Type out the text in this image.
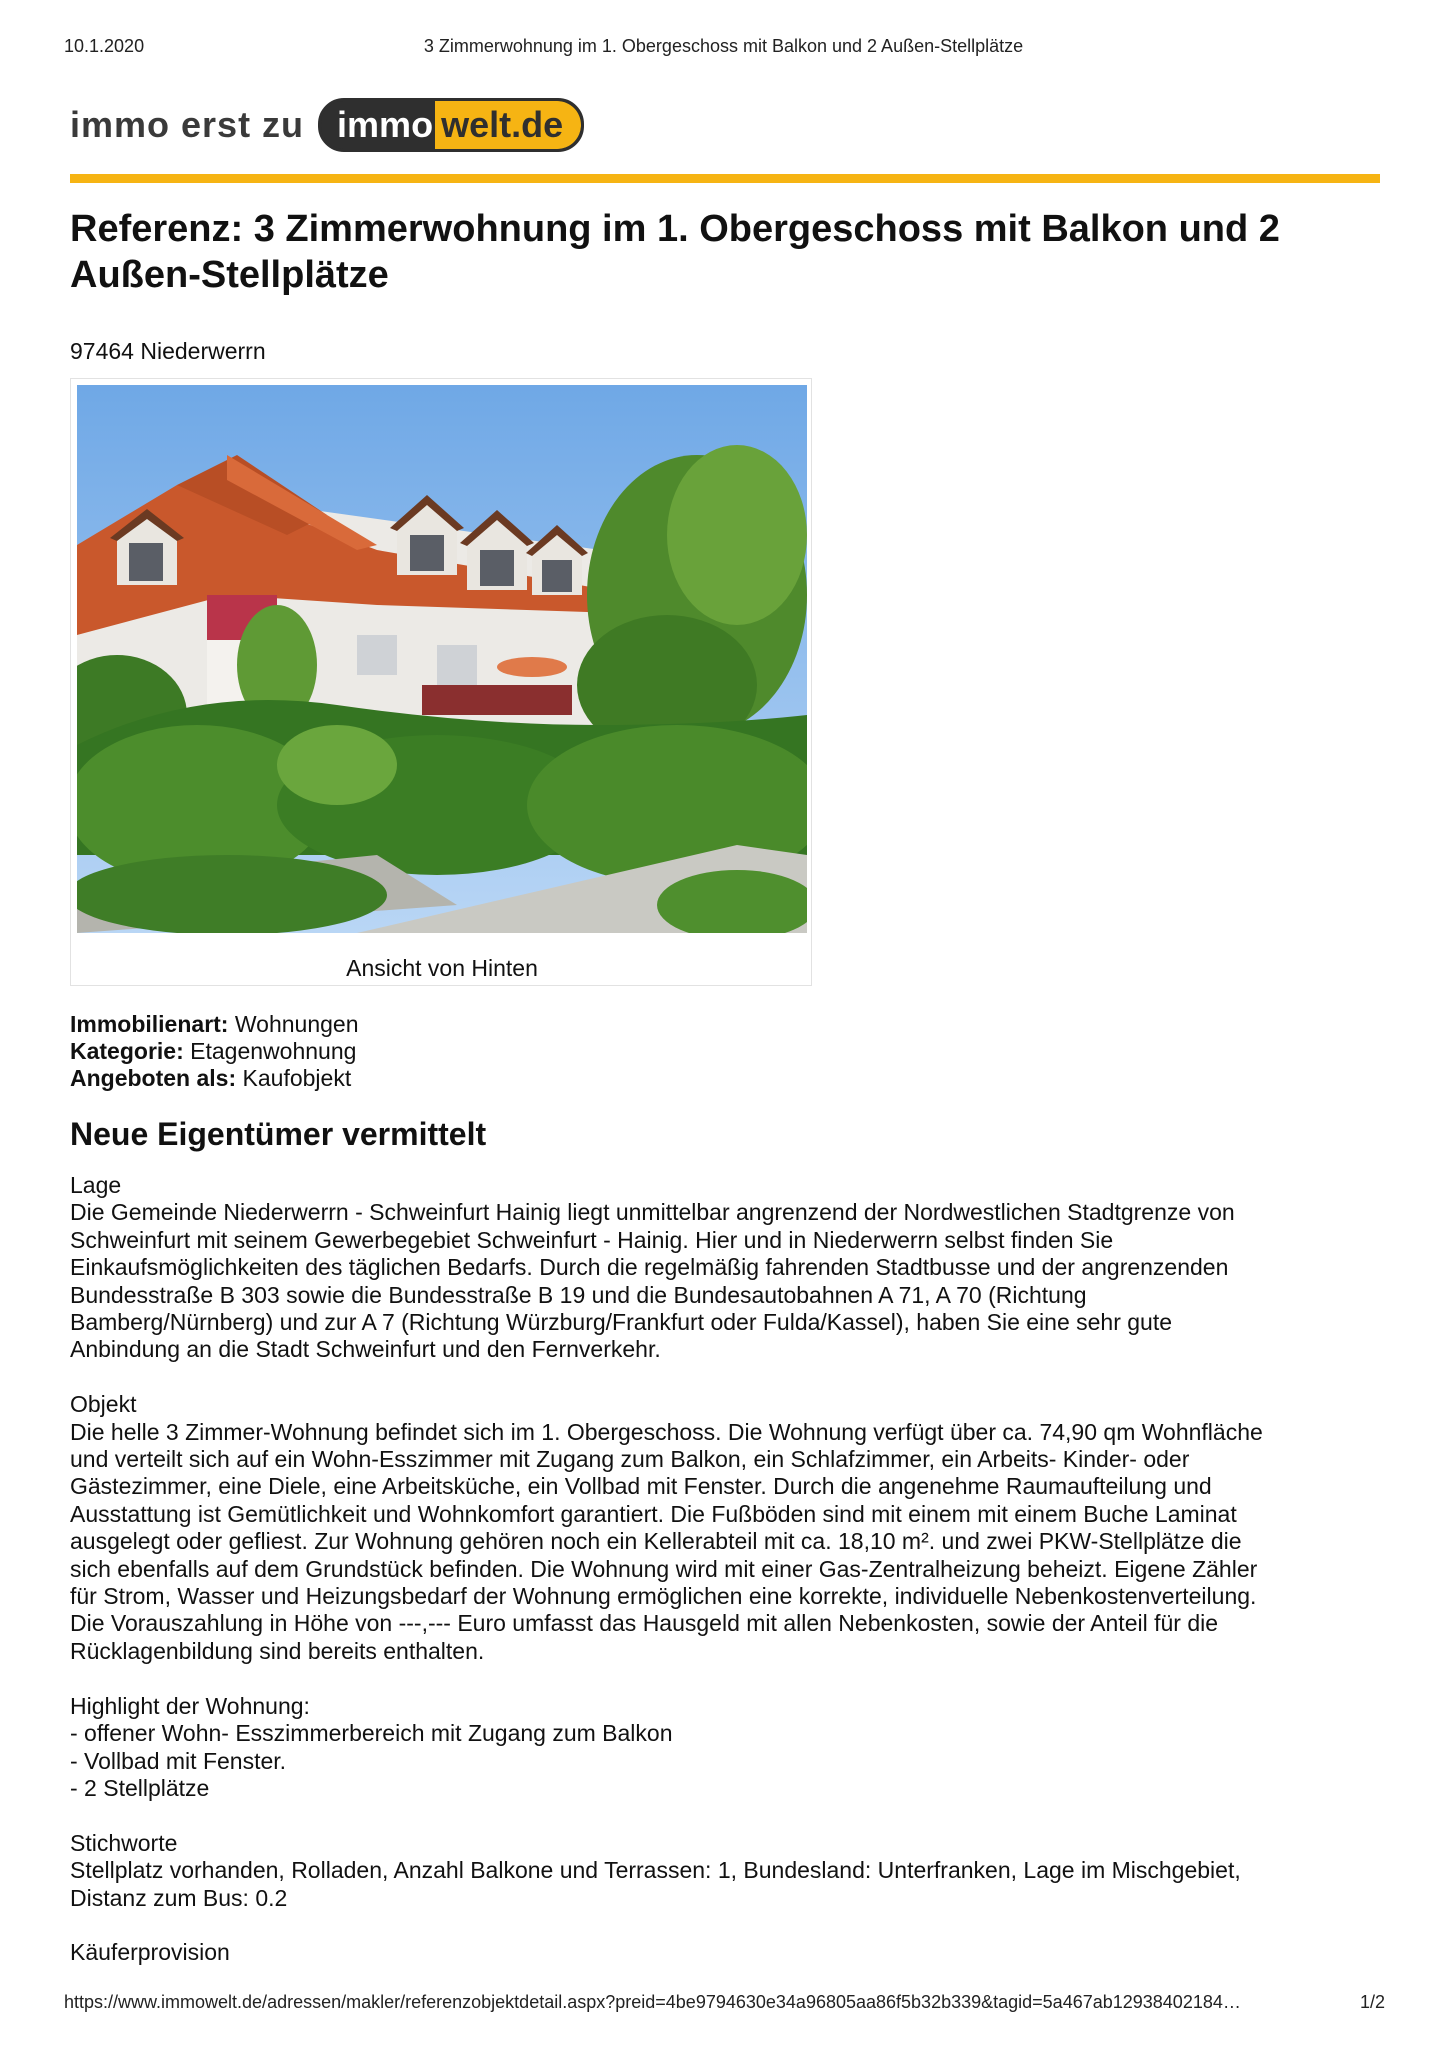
10.1.2020	3 Zimmerwohnung im 1. Obergeschoss mit Balkon und 2 Außen-Stellplätze
immo erst zu immo welt.de
Referenz: 3 Zimmerwohnung im 1. Obergeschoss mit Balkon und 2 Außen-Stellplätze
97464 Niederwerrn
Ansicht von Hinten
Immobilienart: Wohnungen
Kategorie: Etagenwohnung
Angeboten als: Kaufobjekt
Neue Eigentümer vermittelt

Lage
Die Gemeinde Niederwerrn - Schweinfurt Hainig liegt unmittelbar angrenzend der Nordwestlichen Stadtgrenze von
Schweinfurt mit seinem Gewerbegebiet Schweinfurt - Hainig. Hier und in Niederwerrn selbst finden Sie
Einkaufsmöglichkeiten des täglichen Bedarfs. Durch die regelmäßig fahrenden Stadtbusse und der angrenzenden
Bundesstraße B 303 sowie die Bundesstraße B 19 und die Bundesautobahnen A 71, A 70 (Richtung
Bamberg/Nürnberg) und zur A 7 (Richtung Würzburg/Frankfurt oder Fulda/Kassel), haben Sie eine sehr gute
Anbindung an die Stadt Schweinfurt und den Fernverkehr.

Objekt
Die helle 3 Zimmer-Wohnung befindet sich im 1. Obergeschoss. Die Wohnung verfügt über ca. 74,90 qm Wohnfläche
und verteilt sich auf ein Wohn-Esszimmer mit Zugang zum Balkon, ein Schlafzimmer, ein Arbeits- Kinder- oder
Gästezimmer, eine Diele, eine Arbeitsküche, ein Vollbad mit Fenster. Durch die angenehme Raumaufteilung und
Ausstattung ist Gemütlichkeit und Wohnkomfort garantiert. Die Fußböden sind mit einem mit einem Buche Laminat
ausgelegt oder gefliest. Zur Wohnung gehören noch ein Kellerabteil mit ca. 18,10 m². und zwei PKW-Stellplätze die
sich ebenfalls auf dem Grundstück befinden. Die Wohnung wird mit einer Gas-Zentralheizung beheizt. Eigene Zähler
für Strom, Wasser und Heizungsbedarf der Wohnung ermöglichen eine korrekte, individuelle Nebenkostenverteilung.
Die Vorauszahlung in Höhe von ---,--- Euro umfasst das Hausgeld mit allen Nebenkosten, sowie der Anteil für die
Rücklagenbildung sind bereits enthalten.

Highlight der Wohnung:
- offener Wohn- Esszimmerbereich mit Zugang zum Balkon
- Vollbad mit Fenster.
- 2 Stellplätze

Stichworte
Stellplatz vorhanden, Rolladen, Anzahl Balkone und Terrassen: 1, Bundesland: Unterfranken, Lage im Mischgebiet,
Distanz zum Bus: 0.2

Käuferprovision

https://www.immowelt.de/adressen/makler/referenzobjektdetail.aspx?preid=4be9794630e34a96805aa86f5b32b339&tagid=5a467ab12938402184…	1/2
